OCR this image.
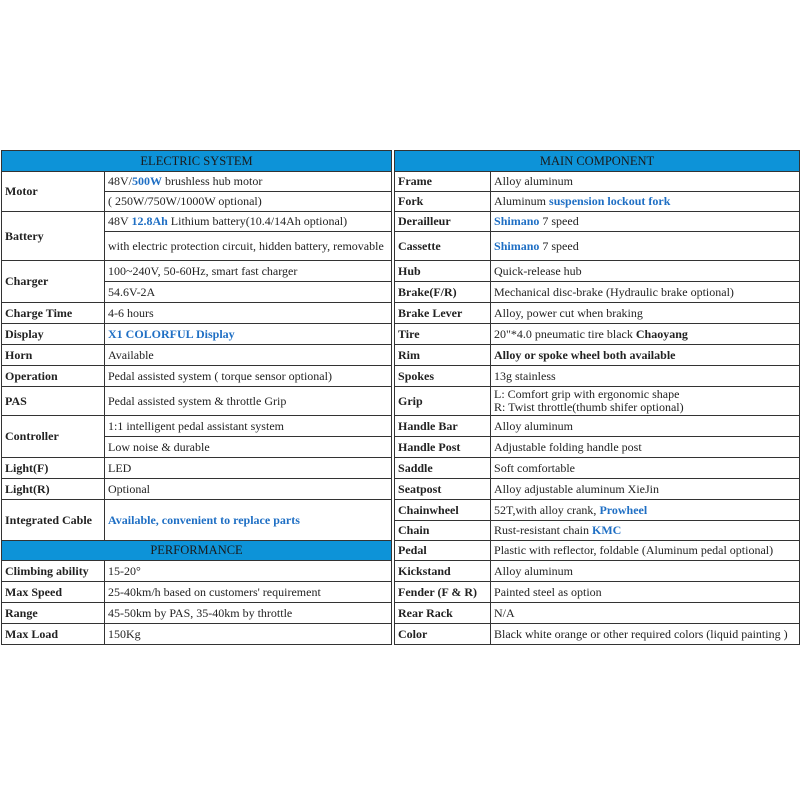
ELECTRIC SYSTEM			MAIN COMPONENT	
Motor	48V/500W brushless hub motor		Frame	Alloy aluminum
	( 250W/750W/1000W optional)		Fork	Aluminum suspension lockout fork
Battery	48V 12.8Ah Lithium battery(10.4/14Ah optional)		Derailleur	Shimano 7 speed
	with electric protection circuit, hidden battery, removable		Cassette	Shimano 7 speed
Charger	100~240V, 50-60Hz, smart fast charger		Hub	Quick-release hub
	54.6V-2A		Brake(F/R)	Mechanical disc-brake (Hydraulic brake optional)
Charge Time	4-6 hours		Brake Lever	Alloy, power cut when braking
Display	X1 COLORFUL Display		Tire	20"*4.0 pneumatic tire black Chaoyang
Horn	Available		Rim	Alloy or spoke wheel both available
Operation	Pedal assisted system ( torque sensor optional)		Spokes	13g stainless
PAS	Pedal assisted system & throttle Grip		Grip	L: Comfort grip with ergonomic shape
R: Twist throttle(thumb shifer optional)

Controller	1:1 intelligent pedal assistant system		Handle Bar	Alloy aluminum
	Low noise & durable		Handle Post	Adjustable folding handle post
Light(F)	LED		Saddle	Soft comfortable
Light(R)	Optional		Seatpost	Alloy adjustable aluminum XieJin
Integrated Cable	Available, convenient to replace parts		Chainwheel	52T,with alloy crank, Prowheel
			Chain	Rust-resistant chain KMC
PERFORMANCE			Pedal	Plastic with reflector, foldable (Aluminum pedal optional)
Climbing ability	15-20°		Kickstand	Alloy aluminum
Max Speed	25-40km/h based on customers' requirement		Fender (F & R)	Painted steel as option
Range	45-50km by PAS, 35-40km by throttle		Rear Rack	N/A
Max Load	150Kg		Color	Black white orange or other required colors (liquid painting )
